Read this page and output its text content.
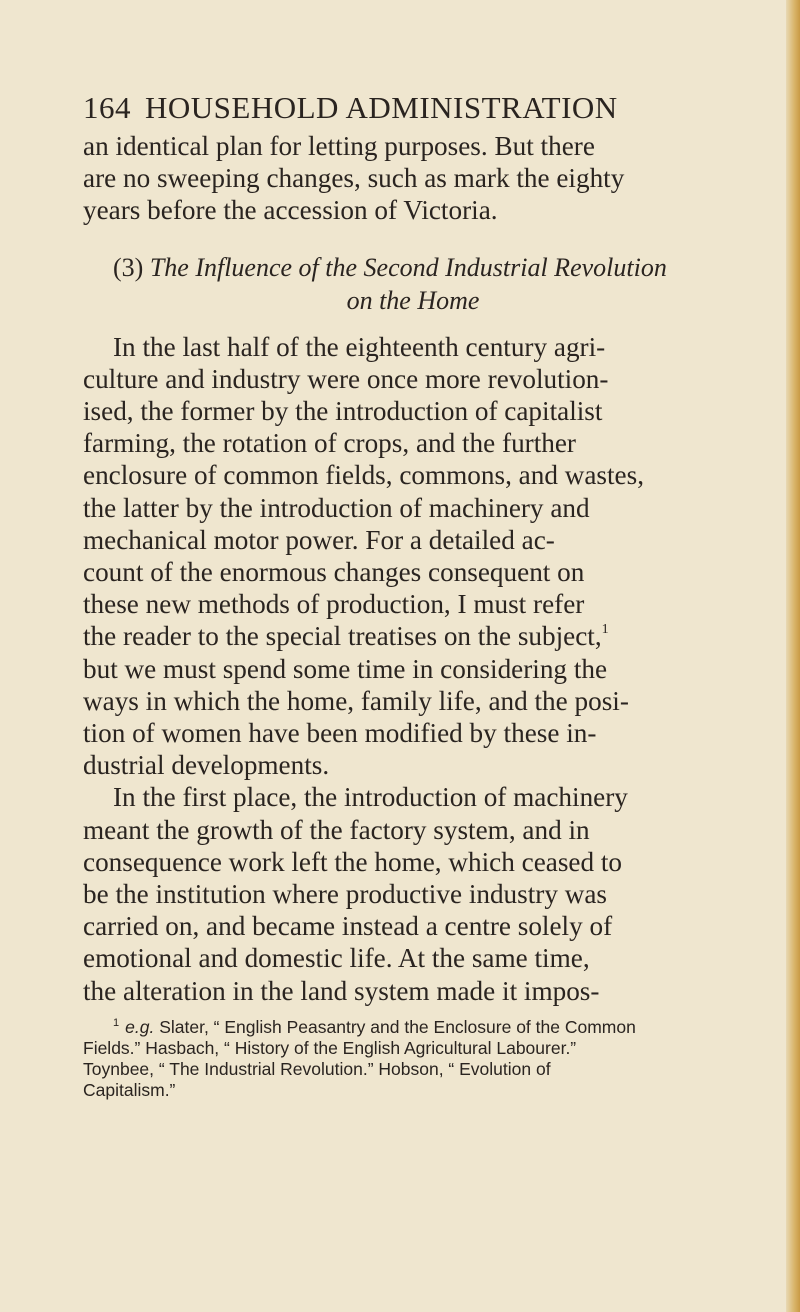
164 HOUSEHOLD ADMINISTRATION

an identical plan for letting purposes. But there
are no sweeping changes, such as mark the eighty
years before the accession of Victoria.

(3) The Influence of the Second Industrial Revolution
on the Home

In the last half of the eighteenth century agri-
culture and industry were once more revolution-
ised, the former by the introduction of capitalist
farming, the rotation of crops, and the further
enclosure of common fields, commons, and wastes,
the latter by the introduction of machinery and
mechanical motor power. For a detailed ac-
count of the enormous changes consequent on
these new methods of production, I must refer
the reader to the special treatises on the subject,$^1$
but we must spend some time in considering the
ways in which the home, family life, and the posi-
tion of women have been modified by these in-
dustrial developments.

In the first place, the introduction of machinery
meant the growth of the factory system, and in
consequence work left the home, which ceased to
be the institution where productive industry was
carried on, and became instead a centre solely of
emotional and domestic life. At the same time,
the alteration in the land system made it impos-

$^1$ e.g. Slater, “ English Peasantry and the Enclosure of the Common
Fields.” Hasbach, “ History of the English Agricultural Labourer.”
Toynbee, “ The Industrial Revolution.” Hobson, “ Evolution of
Capitalism.”
